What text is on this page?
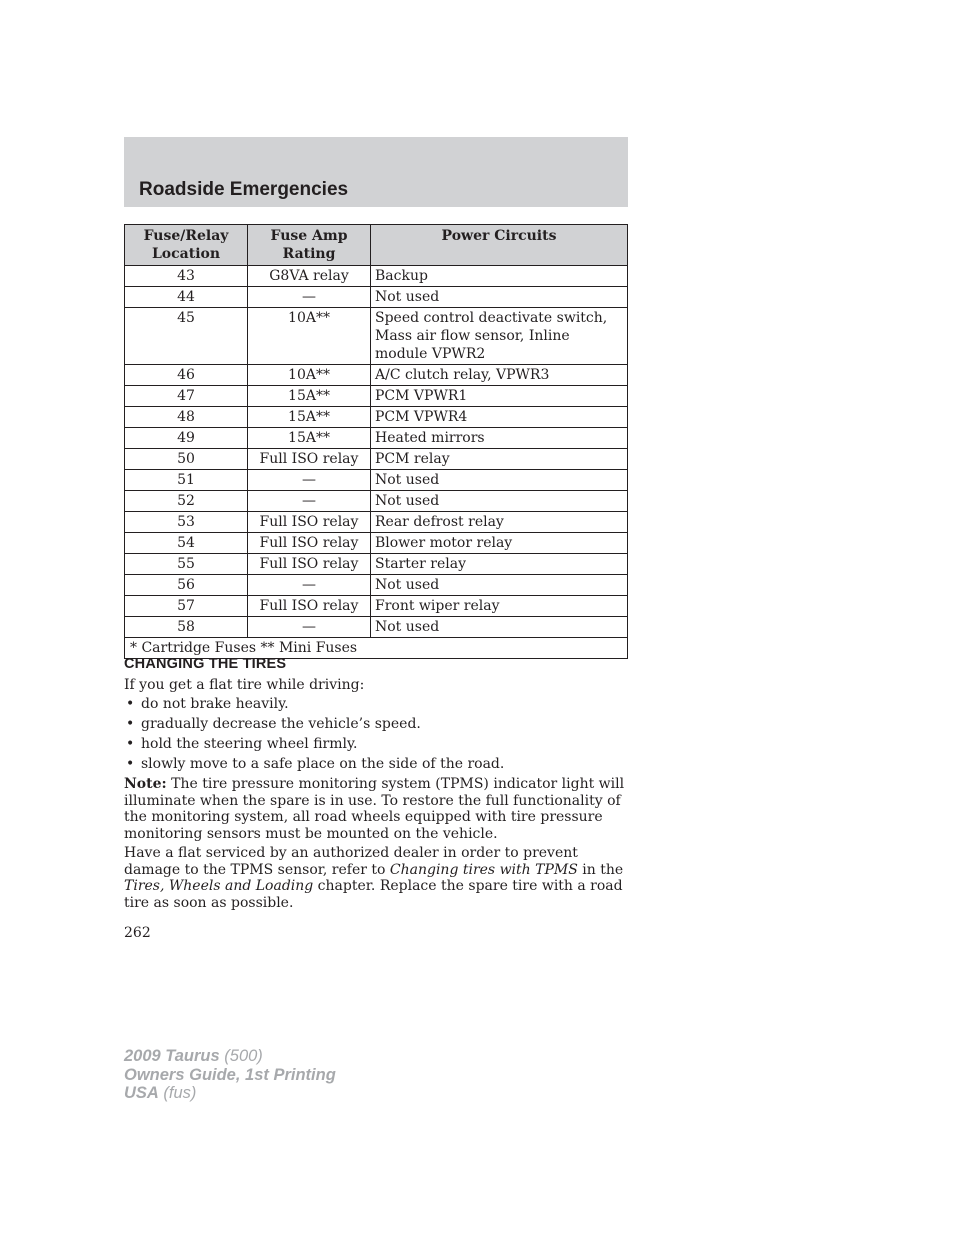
Roadside Emergencies
Fuse/Relay Location	Fuse Amp Rating	Power Circuits
43	G8VA relay	Backup
44	—	Not used
45	10A**	Speed control deactivate switch, Mass air flow sensor, Inline module VPWR2
46	10A**	A/C clutch relay, VPWR3
47	15A**	PCM VPWR1
48	15A**	PCM VPWR4
49	15A**	Heated mirrors
50	Full ISO relay	PCM relay
51	—	Not used
52	—	Not used
53	Full ISO relay	Rear defrost relay
54	Full ISO relay	Blower motor relay
55	Full ISO relay	Starter relay
56	—	Not used
57	Full ISO relay	Front wiper relay
58	—	Not used
* Cartridge Fuses ** Mini Fuses		
CHANGING THE TIRES

If you get a flat tire while driving:

• do not brake heavily.
• gradually decrease the vehicle’s speed.
• hold the steering wheel firmly.
• slowly move to a safe place on the side of the road.

Note: The tire pressure monitoring system (TPMS) indicator light will illuminate when the spare is in use. To restore the full functionality of the monitoring system, all road wheels equipped with tire pressure monitoring sensors must be mounted on the vehicle.

Have a flat serviced by an authorized dealer in order to prevent damage to the TPMS sensor, refer to Changing tires with TPMS in the Tires, Wheels and Loading chapter. Replace the spare tire with a road tire as soon as possible.

262
2009 Taurus (500)
Owners Guide, 1st Printing
USA (fus)
